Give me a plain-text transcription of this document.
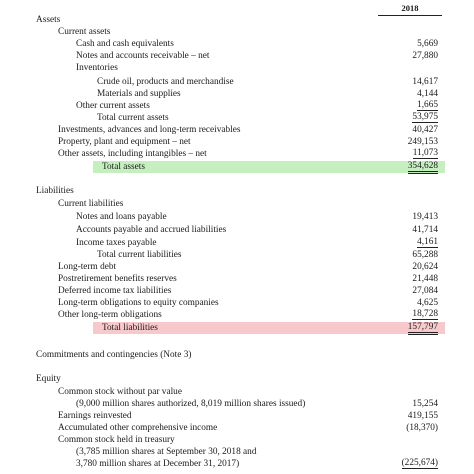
2018
Assets
Current assets
Cash and cash equivalents	5,669
Notes and accounts receivable – net	27,880
Inventories
Crude oil, products and merchandise	14,617
Materials and supplies	4,144
Other current assets	1,665
Total current assets	53,975
Investments, advances and long-term receivables	40,427
Property, plant and equipment – net	249,153
Other assets, including intangibles – net	11,073
Total assets	354,628
Liabilities
Current liabilities
Notes and loans payable	19,413
Accounts payable and accrued liabilities	41,714
Income taxes payable	4,161
Total current liabilities	65,288
Long-term debt	20,624
Postretirement benefits reserves	21,448
Deferred income tax liabilities	27,084
Long-term obligations to equity companies	4,625
Other long-term obligations	18,728
Total liabilities	157,797
Commitments and contingencies (Note 3)
Equity
Common stock without par value
(9,000 million shares authorized, 8,019 million shares issued)	15,254
Earnings reinvested	419,155
Accumulated other comprehensive income	(18,370)
Common stock held in treasury
(3,785 million shares at September 30, 2018 and
3,780 million shares at December 31, 2017)	(225,674)
